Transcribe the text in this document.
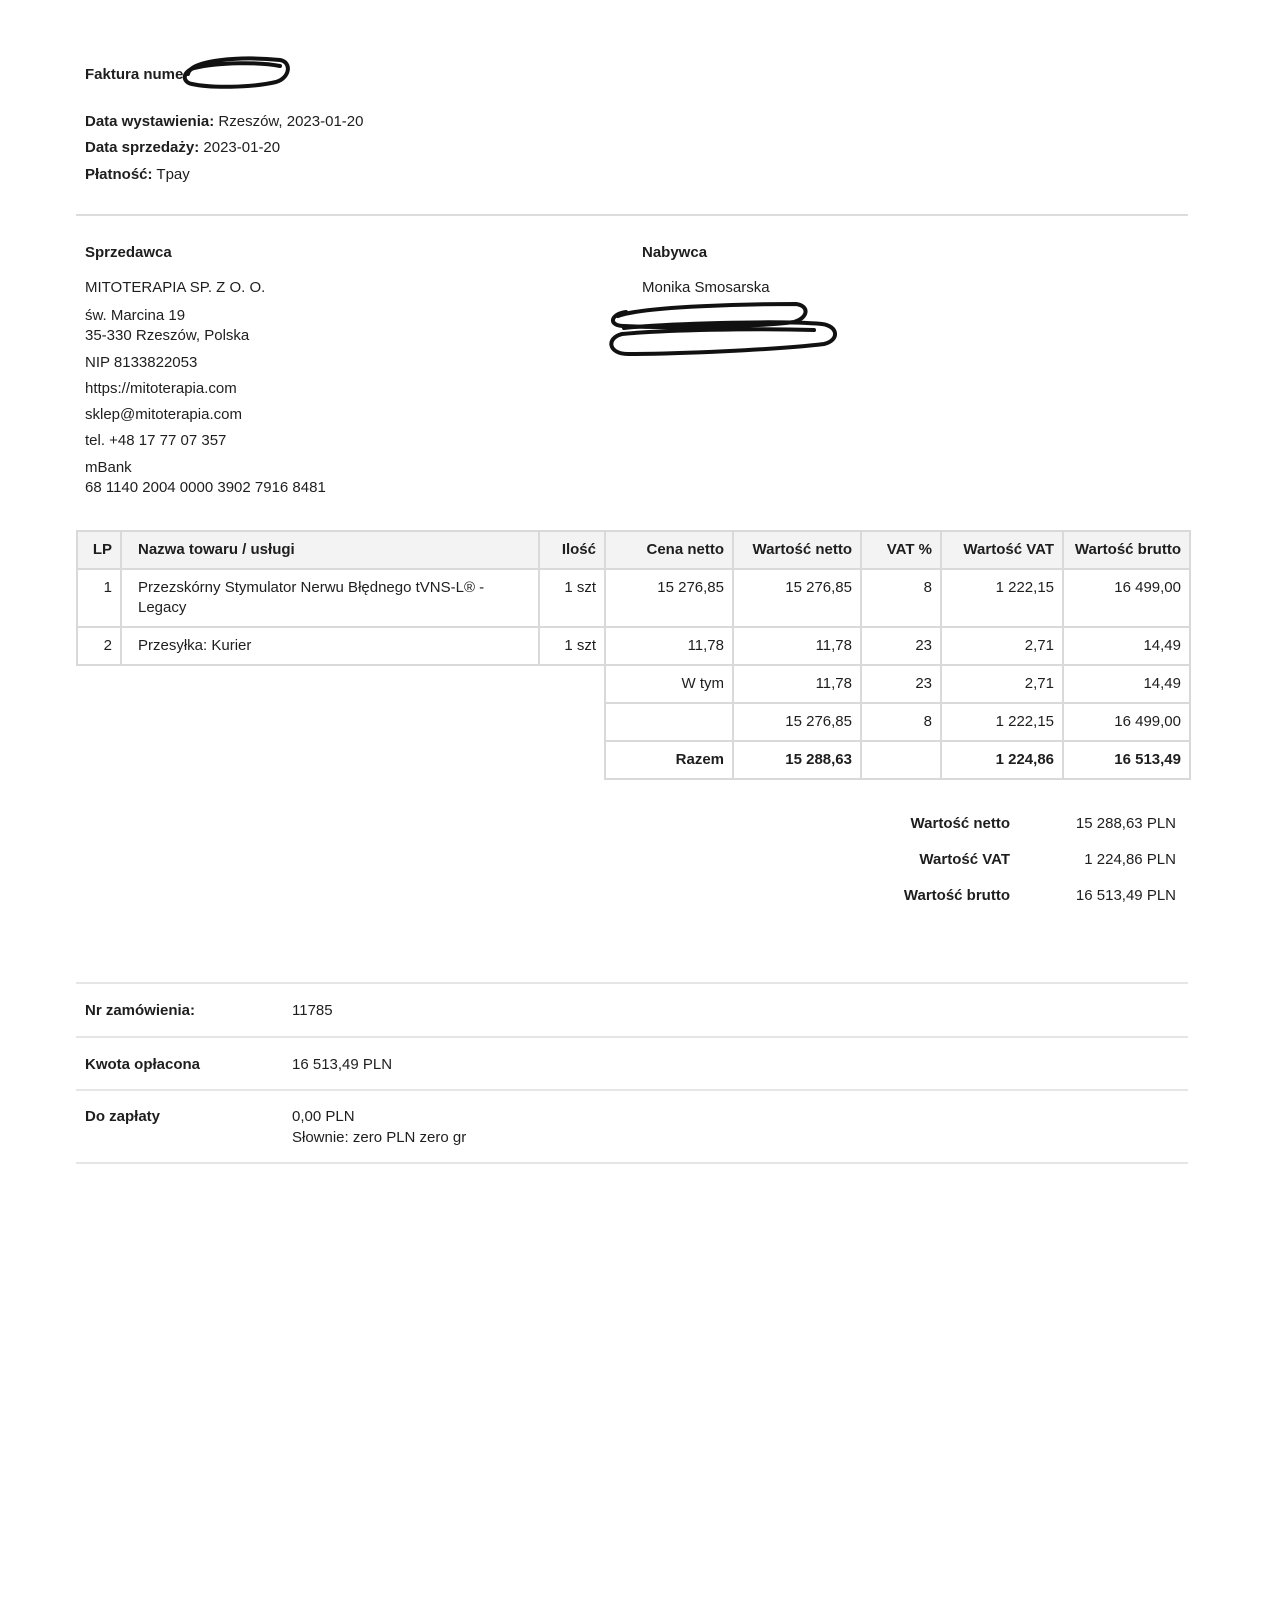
Faktura nume
Data wystawienia: Rzeszów, 2023-01-20
Data sprzedaży: 2023-01-20
Płatność: Tpay

Sprzedawca

MITOTERAPIA SP. Z O. O.

św. Marcina 19

35-330 Rzeszów, Polska

NIP 8133822053

https://mitoterapia.com

sklep@mitoterapia.com

tel. +48 17 77 07 357

mBank

68 1140 2004 0000 3902 7916 8481

Nabywca

Monika Smosarska

LP	Nazwa towaru / usługi	Ilość	Cena netto	Wartość netto	VAT %	Wartość VAT	Wartość brutto
1	Przezskórny Stymulator Nerwu Błędnego tVNS-L® - Legacy	1 szt	15 276,85	15 276,85	8	1 222,15	16 499,00
2	Przesyłka: Kurier	1 szt	11,78	11,78	23	2,71	14,49
			W tym	11,78	23	2,71	14,49
				15 276,85	8	1 222,15	16 499,00
			Razem	15 288,63		1 224,86	16 513,49
Wartość netto	15 288,63 PLN
Wartość VAT	1 224,86 PLN
Wartość brutto	16 513,49 PLN
Nr zamówienia:	11785
Kwota opłacona	16 513,49 PLN
Do zapłaty	0,00 PLN
Słownie: zero PLN zero gr
